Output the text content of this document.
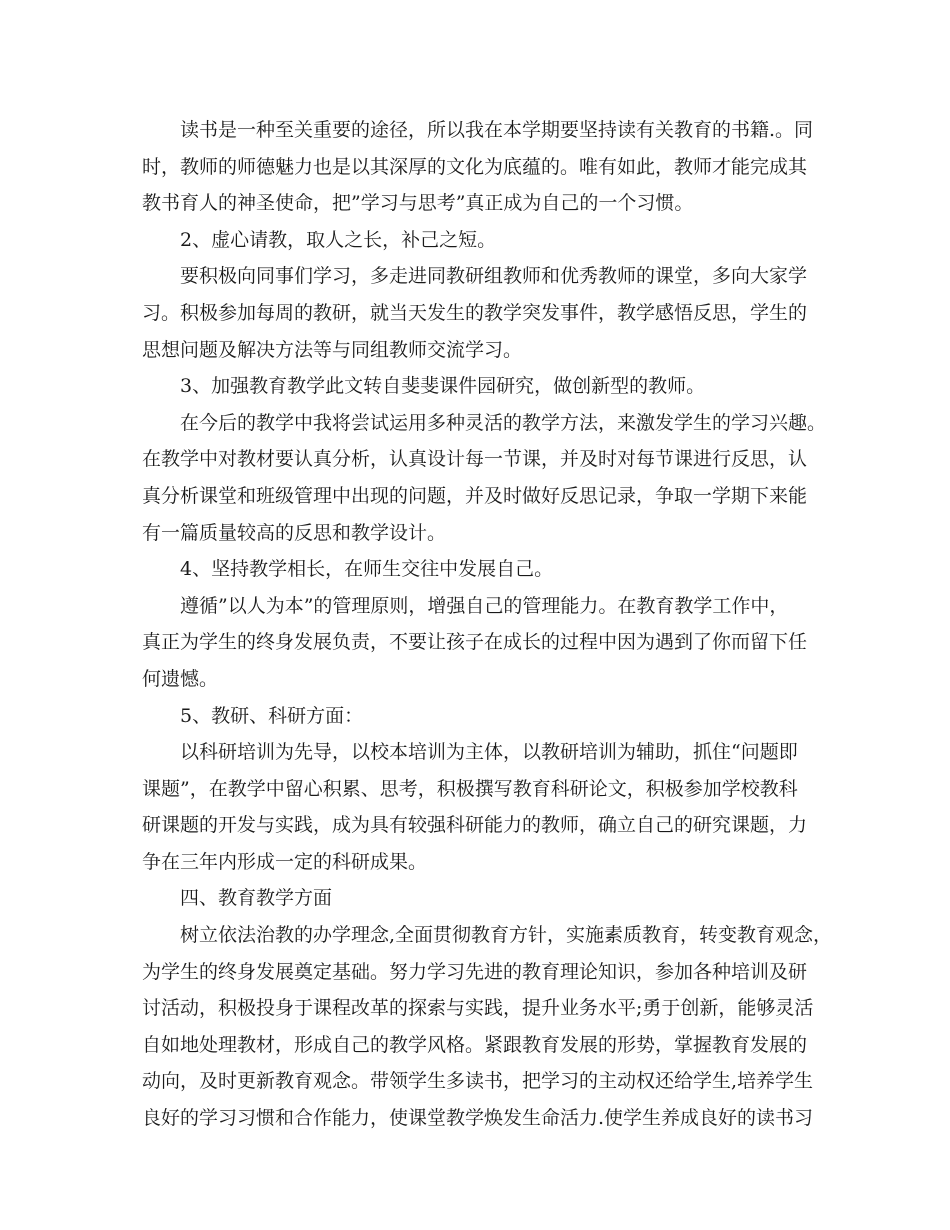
　　读书是一种至关重要的途径，所以我在本学期要坚持读有关教育的书籍.。同
时，教师的师德魅力也是以其深厚的文化为底蕴的。唯有如此，教师才能完成其
教书育人的神圣使命，把”学习与思考”真正成为自己的一个习惯。
　　2、虚心请教，取人之长，补己之短。
　　要积极向同事们学习，多走进同教研组教师和优秀教师的课堂，多向大家学
习。积极参加每周的教研，就当天发生的教学突发事件，教学感悟反思，学生的
思想问题及解决方法等与同组教师交流学习。
　　3、加强教育教学此文转自斐斐课件园研究，做创新型的教师。
　　在今后的教学中我将尝试运用多种灵活的教学方法，来激发学生的学习兴趣。
在教学中对教材要认真分析，认真设计每一节课，并及时对每节课进行反思，认
真分析课堂和班级管理中出现的问题，并及时做好反思记录，争取一学期下来能
有一篇质量较高的反思和教学设计。
　　4、坚持教学相长，在师生交往中发展自己。
　　遵循”以人为本”的管理原则，增强自己的管理能力。在教育教学工作中，
真正为学生的终身发展负责，不要让孩子在成长的过程中因为遇到了你而留下任
何遗憾。
　　5、教研、科研方面：
　　以科研培训为先导，以校本培训为主体，以教研培训为辅助，抓住“问题即
课题”，在教学中留心积累、思考，积极撰写教育科研论文，积极参加学校教科
研课题的开发与实践，成为具有较强科研能力的教师，确立自己的研究课题，力
争在三年内形成一定的科研成果。
　　四、教育教学方面
　　树立依法治教的办学理念,全面贯彻教育方针，实施素质教育，转变教育观念，
为学生的终身发展奠定基础。努力学习先进的教育理论知识，参加各种培训及研
讨活动，积极投身于课程改革的探索与实践，提升业务水平;勇于创新，能够灵活
自如地处理教材，形成自己的教学风格。紧跟教育发展的形势，掌握教育发展的
动向，及时更新教育观念。带领学生多读书，把学习的主动权还给学生,培养学生
良好的学习习惯和合作能力，使课堂教学焕发生命活力.使学生养成良好的读书习
